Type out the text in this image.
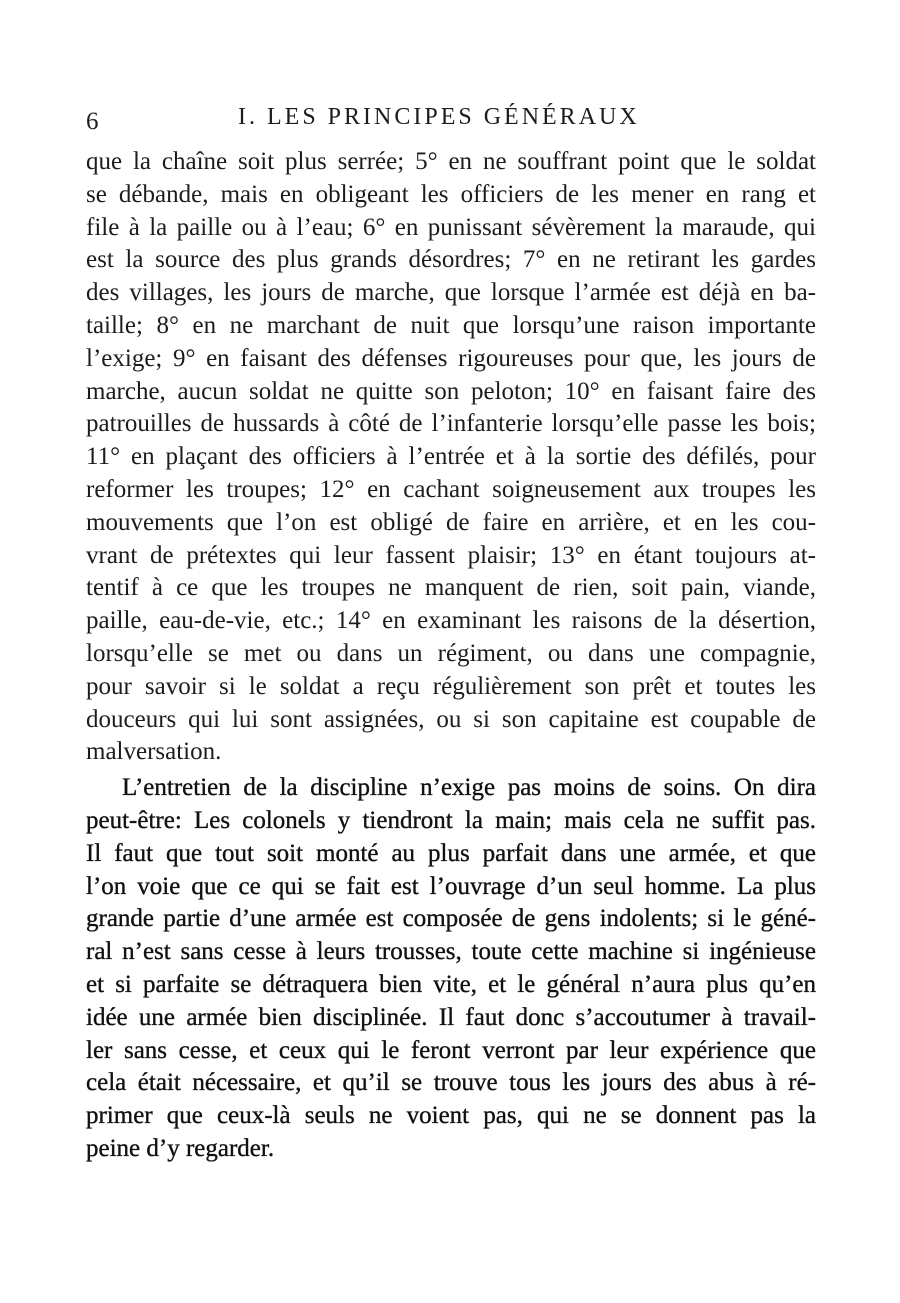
6	I. LES PRINCIPES GÉNÉRAUX

que la chaîne soit plus serrée; 5° en ne souffrant point que le soldat
se débande, mais en obligeant les officiers de les mener en rang et
file à la paille ou à l’eau; 6° en punissant sévèrement la maraude, qui
est la source des plus grands désordres; 7° en ne retirant les gardes
des villages, les jours de marche, que lorsque l’armée est déjà en ba-
taille; 8° en ne marchant de nuit que lorsqu’une raison importante
l’exige; 9° en faisant des défenses rigoureuses pour que, les jours de
marche, aucun soldat ne quitte son peloton; 10° en faisant faire des
patrouilles de hussards à côté de l’infanterie lorsqu’elle passe les bois;
11° en plaçant des officiers à l’entrée et à la sortie des défilés, pour
reformer les troupes; 12° en cachant soigneusement aux troupes les
mouvements que l’on est obligé de faire en arrière, et en les cou-
vrant de prétextes qui leur fassent plaisir; 13° en étant toujours at-
tentif à ce que les troupes ne manquent de rien, soit pain, viande,
paille, eau-de-vie, etc.; 14° en examinant les raisons de la désertion,
lorsqu’elle se met ou dans un régiment, ou dans une compagnie,
pour savoir si le soldat a reçu régulièrement son prêt et toutes les
douceurs qui lui sont assignées, ou si son capitaine est coupable de
malversation.

L’entretien de la discipline n’exige pas moins de soins. On dira
peut-être: Les colonels y tiendront la main; mais cela ne suffit pas.
Il faut que tout soit monté au plus parfait dans une armée, et que
l’on voie que ce qui se fait est l’ouvrage d’un seul homme. La plus
grande partie d’une armée est composée de gens indolents; si le géné-
ral n’est sans cesse à leurs trousses, toute cette machine si ingénieuse
et si parfaite se détraquera bien vite, et le général n’aura plus qu’en
idée une armée bien disciplinée. Il faut donc s’accoutumer à travail-
ler sans cesse, et ceux qui le feront verront par leur expérience que
cela était nécessaire, et qu’il se trouve tous les jours des abus à ré-
primer que ceux-là seuls ne voient pas, qui ne se donnent pas la
peine d’y regarder.
